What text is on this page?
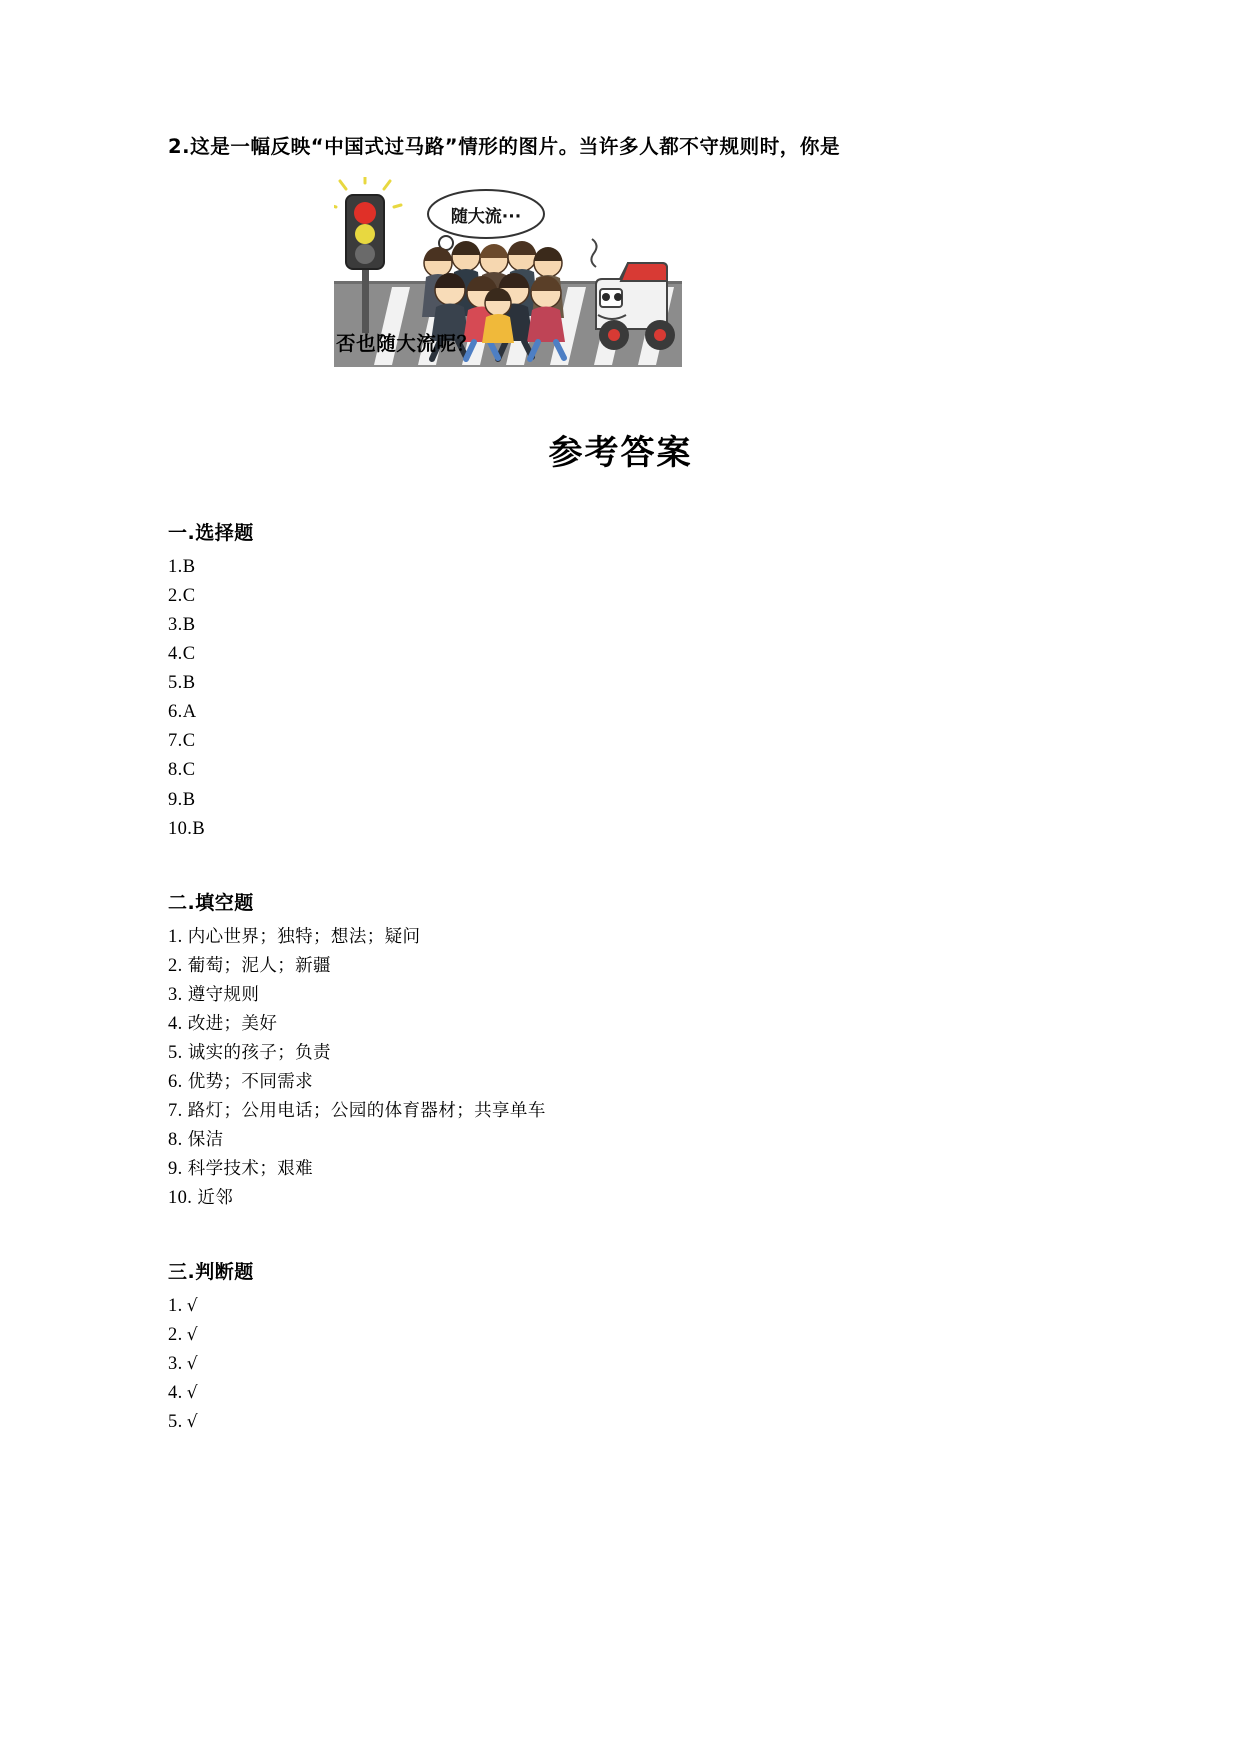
2.这是一幅反映“中国式过马路”情形的图片。当许多人都不守规则时，你是
随大流···
否也随大流呢？
参考答案
一.选择题
1.B
2.C
3.B
4.C
5.B
6.A
7.C
8.C
9.B
10.B
二.填空题
1. 内心世界；独特；想法；疑问
2. 葡萄；泥人；新疆
3. 遵守规则
4. 改进；美好
5. 诚实的孩子；负责
6. 优势；不同需求
7. 路灯；公用电话；公园的体育器材；共享单车
8. 保洁
9. 科学技术；艰难
10. 近邻
三.判断题
1. √
2. √
3. √
4. √
5. √
